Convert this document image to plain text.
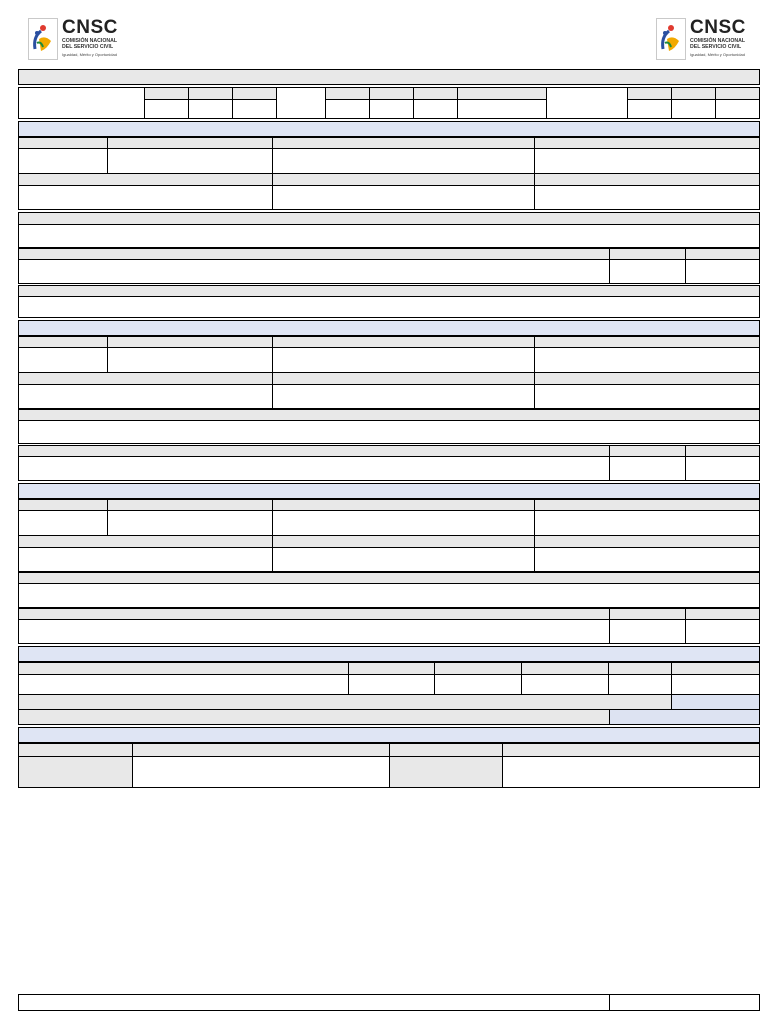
CNSC
COMISIÓN NACIONAL
DEL SERVICIO CIVIL
Igualdad, Mérito y Oportunidad
CNSC
COMISIÓN NACIONAL
DEL SERVICIO CIVIL
Igualdad, Mérito y Oportunidad
